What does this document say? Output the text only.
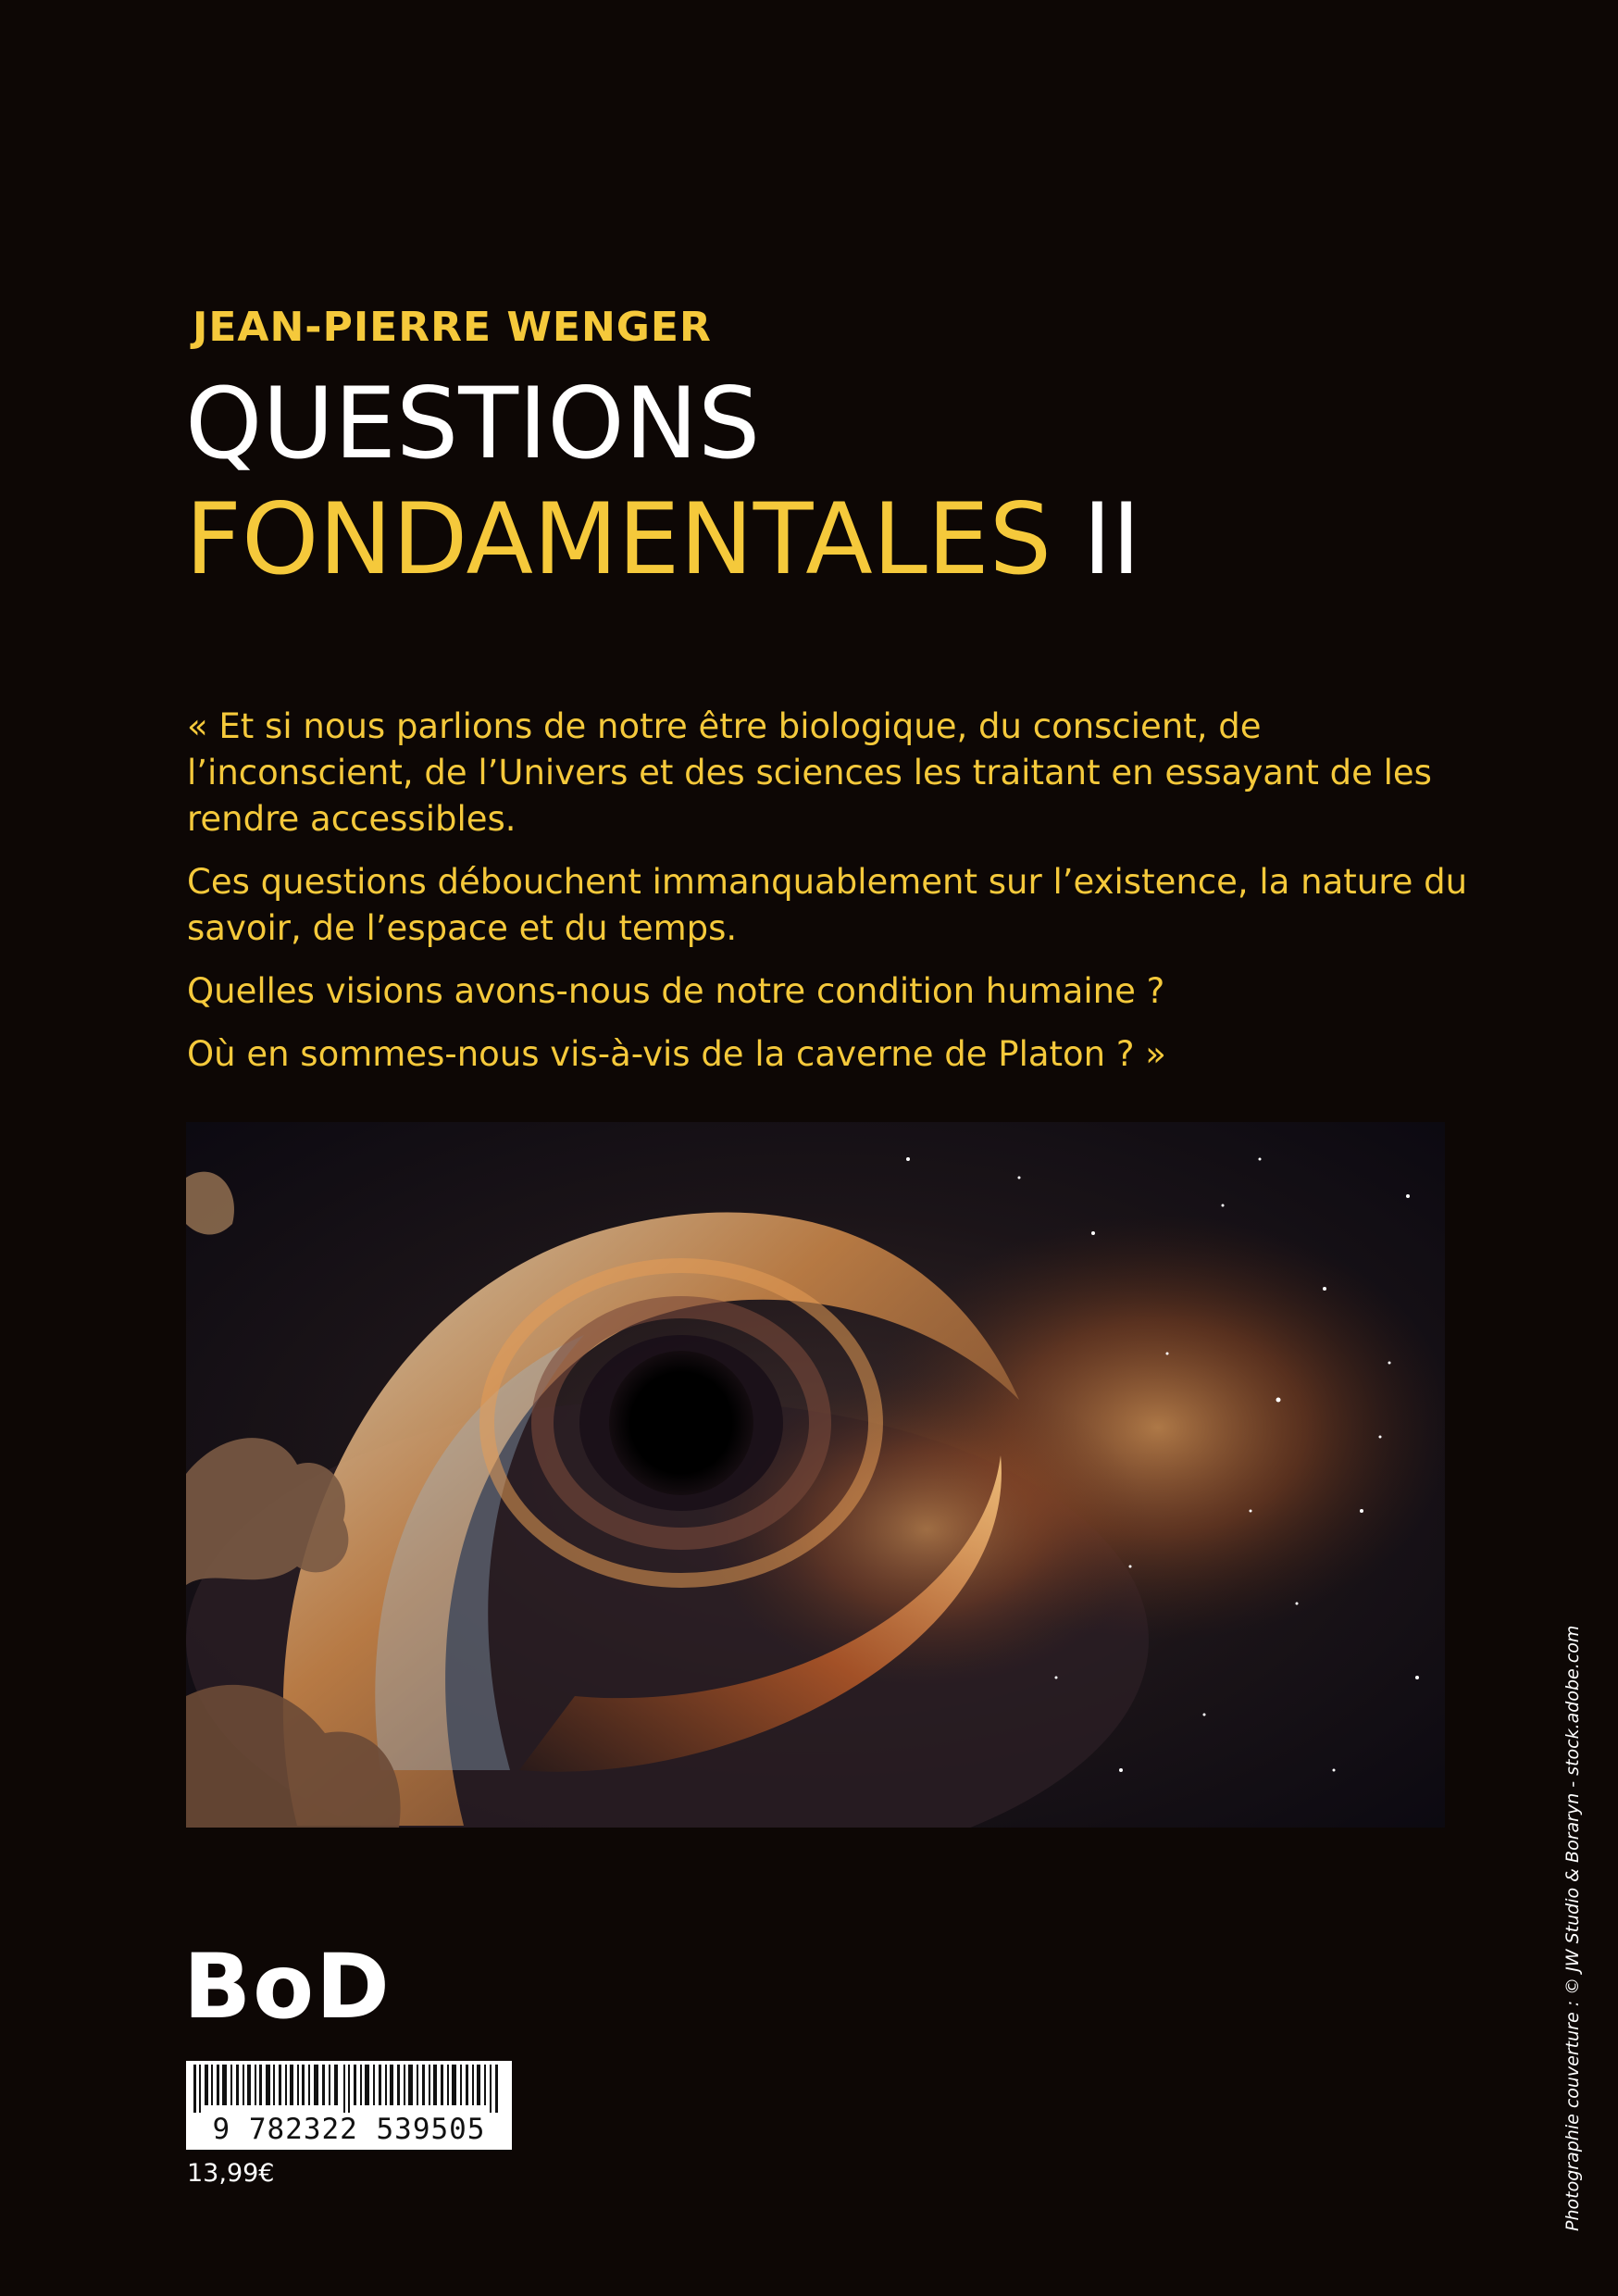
JEAN-PIERRE WENGER
QUESTIONS
FONDAMENTALES II

« Et si nous parlions de notre être biologique, du conscient, de l’inconscient, de l’Univers et des sciences les traitant en essayant de les rendre accessibles.

Ces questions débouchent immanquablement sur l’existence, la nature du savoir, de l’espace et du temps.

Quelles visions avons-nous de notre condition humaine ?

Où en sommes-nous vis-à-vis de la caverne de Platon ? »

BoD
9 782322 539505
13,99€	Photographie couverture : © JW Studio & Boraryn - stock.adobe.com
